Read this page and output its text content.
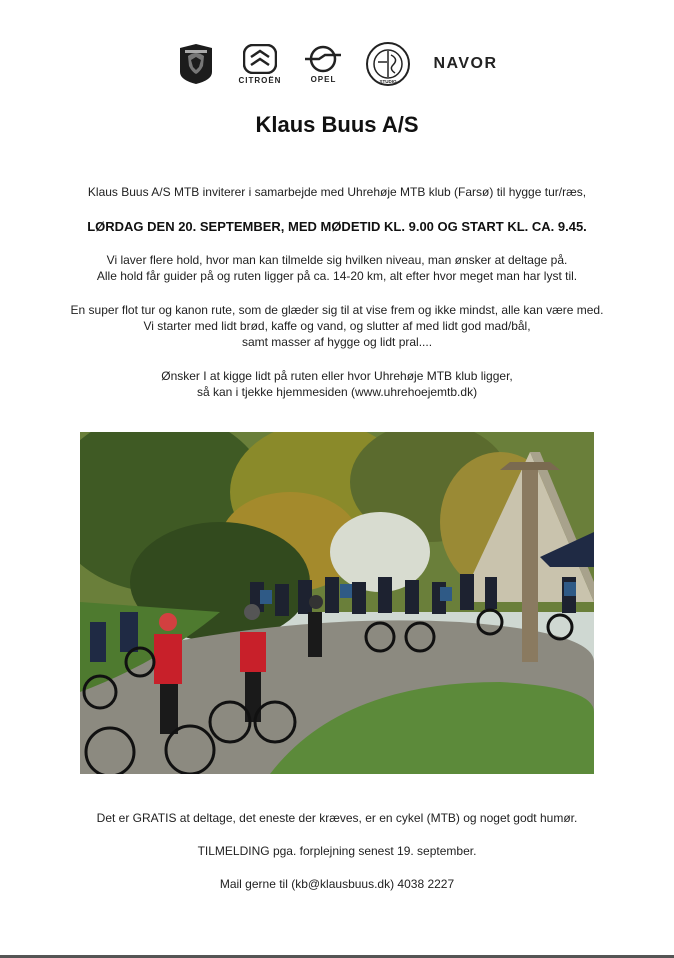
CITROËN	OPEL	STUDIO
NAVOR
Klaus Buus A/S
Klaus Buus A/S MTB inviterer i samarbejde med Uhrehøje MTB klub (Farsø) til hygge tur/ræs,
LØRDAG DEN 20. SEPTEMBER, MED MØDETID KL. 9.00 OG START KL. CA. 9.45.
Vi laver flere hold, hvor man kan tilmelde sig hvilken niveau, man ønsker at deltage på.
Alle hold får guider på og ruten ligger på ca. 14-20 km, alt efter hvor meget man har lyst til.
En super flot tur og kanon rute, som de glæder sig til at vise frem og ikke mindst, alle kan være med.
Vi starter med lidt brød, kaffe og vand, og slutter af med lidt god mad/bål,
samt masser af hygge og lidt pral....
Ønsker I at kigge lidt på ruten eller hvor Uhrehøje MTB klub ligger,
så kan i tjekke hjemmesiden (www.uhrehoejemtb.dk)
Det er GRATIS at deltage, det eneste der kræves, er en cykel (MTB) og noget godt humør.
TILMELDING pga. forplejning senest 19. september.
Mail gerne til (kb@klausbuus.dk) 4038 2227
